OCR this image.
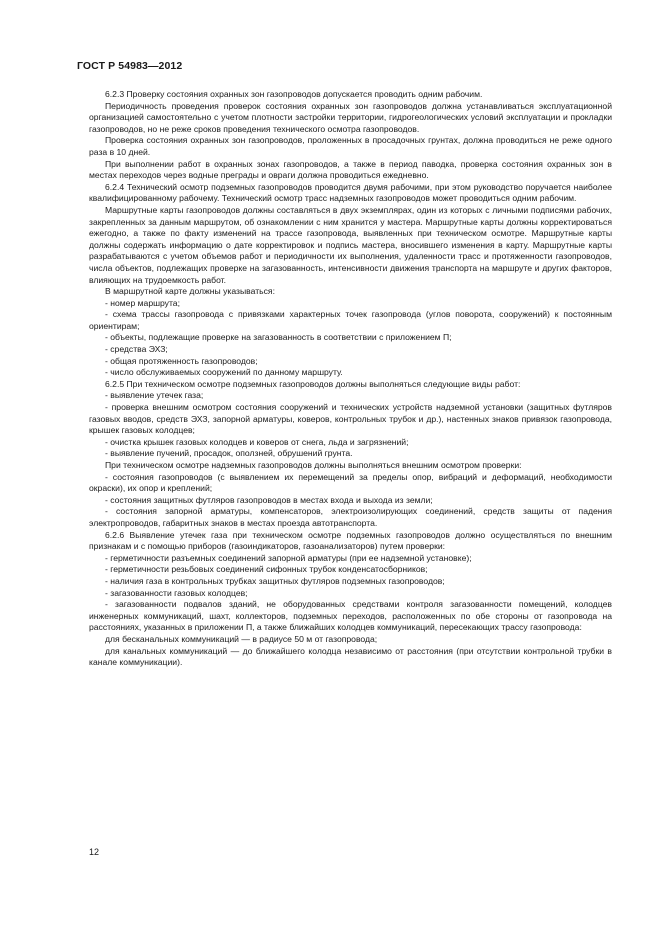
ГОСТ Р 54983—2012

6.2.3 Проверку состояния охранных зон газопроводов допускается проводить одним рабочим.

Периодичность проведения проверок состояния охранных зон газопроводов должна устанавливаться эксплуатационной организацией самостоятельно с учетом плотности застройки территории, гидрогеологических условий эксплуатации и прокладки газопроводов, но не реже сроков проведения технического осмотра газопроводов.

Проверка состояния охранных зон газопроводов, проложенных в просадочных грунтах, должна проводиться не реже одного раза в 10 дней.

При выполнении работ в охранных зонах газопроводов, а также в период паводка, проверка состояния охранных зон в местах переходов через водные преграды и овраги должна проводиться ежедневно.

6.2.4 Технический осмотр подземных газопроводов проводится двумя рабочими, при этом руководство поручается наиболее квалифицированному рабочему. Технический осмотр трасс надземных газопроводов может проводиться одним рабочим.

Маршрутные карты газопроводов должны составляться в двух экземплярах, один из которых с личными подписями рабочих, закрепленных за данным маршрутом, об ознакомлении с ним хранится у мастера. Маршрутные карты должны корректироваться ежегодно, а также по факту изменений на трассе газопровода, выявленных при техническом осмотре. Маршрутные карты должны содержать информацию о дате корректировок и подпись мастера, вносившего изменения в карту. Маршрутные карты разрабатываются с учетом объемов работ и периодичности их выполнения, удаленности трасс и протяженности газопроводов, числа объектов, подлежащих проверке на загазованность, интенсивности движения транспорта на маршруте и других факторов, влияющих на трудоемкость работ.

В маршрутной карте должны указываться:

- номер маршрута;

- схема трассы газопровода с привязками характерных точек газопровода (углов поворота, сооружений) к постоянным ориентирам;

- объекты, подлежащие проверке на загазованность в соответствии с приложением П;

- средства ЭХЗ;

- общая протяженность газопроводов;

- число обслуживаемых сооружений по данному маршруту.

6.2.5 При техническом осмотре подземных газопроводов должны выполняться следующие виды работ:

- выявление утечек газа;

- проверка внешним осмотром состояния сооружений и технических устройств надземной установки (защитных футляров газовых вводов, средств ЭХЗ, запорной арматуры, коверов, контрольных трубок и др.), настенных знаков привязок газопровода, крышек газовых колодцев;

- очистка крышек газовых колодцев и коверов от снега, льда и загрязнений;

- выявление пучений, просадок, оползней, обрушений грунта.

При техническом осмотре надземных газопроводов должны выполняться внешним осмотром проверки:

- состояния газопроводов (с выявлением их перемещений за пределы опор, вибраций и деформаций, необходимости окраски), их опор и креплений;

- состояния защитных футляров газопроводов в местах входа и выхода из земли;

- состояния запорной арматуры, компенсаторов, электроизолирующих соединений, средств защиты от падения электропроводов, габаритных знаков в местах проезда автотранспорта.

6.2.6 Выявление утечек газа при техническом осмотре подземных газопроводов должно осуществляться по внешним признакам и с помощью приборов (газоиндикаторов, газоанализаторов) путем проверки:

- герметичности разъемных соединений запорной арматуры (при ее надземной установке);

- герметичности резьбовых соединений сифонных трубок конденсатосборников;

- наличия газа в контрольных трубках защитных футляров подземных газопроводов;

- загазованности газовых колодцев;

- загазованности подвалов зданий, не оборудованных средствами контроля загазованности помещений, колодцев инженерных коммуникаций, шахт, коллекторов, подземных переходов, расположенных по обе стороны от газопровода на расстояниях, указанных в приложении П, а также ближайших колодцев коммуникаций, пересекающих трассу газопровода:

для бесканальных коммуникаций — в радиусе 50 м от газопровода;

для канальных коммуникаций — до ближайшего колодца независимо от расстояния (при отсутствии контрольной трубки в канале коммуникации).

12
